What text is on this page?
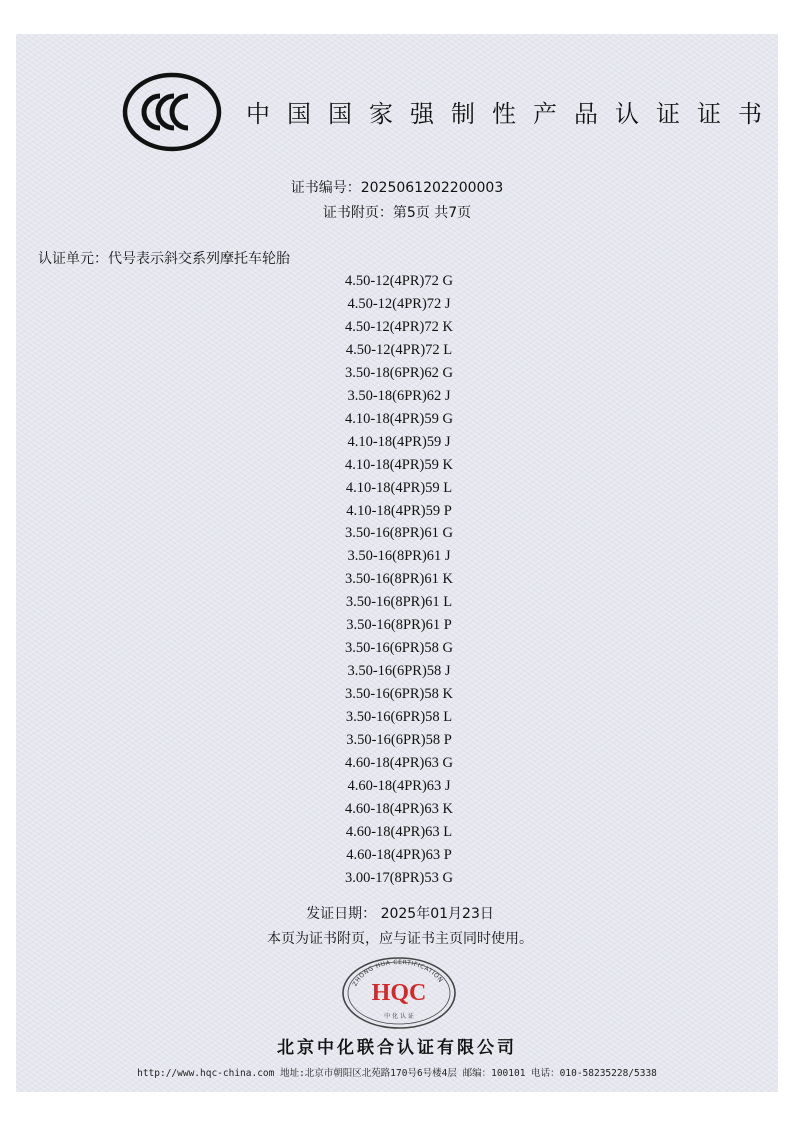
中国国家强制性产品认证证书
证书编号：2025061202200003
证书附页：第5页 共7页
认证单元：代号表示斜交系列摩托车轮胎
4.50-12(4PR)72 G
4.50-12(4PR)72 J
4.50-12(4PR)72 K
4.50-12(4PR)72 L
3.50-18(6PR)62 G
3.50-18(6PR)62 J
4.10-18(4PR)59 G
4.10-18(4PR)59 J
4.10-18(4PR)59 K
4.10-18(4PR)59 L
4.10-18(4PR)59 P
3.50-16(8PR)61 G
3.50-16(8PR)61 J
3.50-16(8PR)61 K
3.50-16(8PR)61 L
3.50-16(8PR)61 P
3.50-16(6PR)58 G
3.50-16(6PR)58 J
3.50-16(6PR)58 K
3.50-16(6PR)58 L
3.50-16(6PR)58 P
4.60-18(4PR)63 G
4.60-18(4PR)63 J
4.60-18(4PR)63 K
4.60-18(4PR)63 L
4.60-18(4PR)63 P
3.00-17(8PR)53 G
发证日期： 2025年01月23日
本页为证书附页，应与证书主页同时使用。
ZHONG HUA CERTIFICATION
HQC
中 化 认 证
北京中化联合认证有限公司
http://www.hqc-china.com 地址:北京市朝阳区北苑路170号6号楼4层 邮编：100101 电话：010-58235228/5338
